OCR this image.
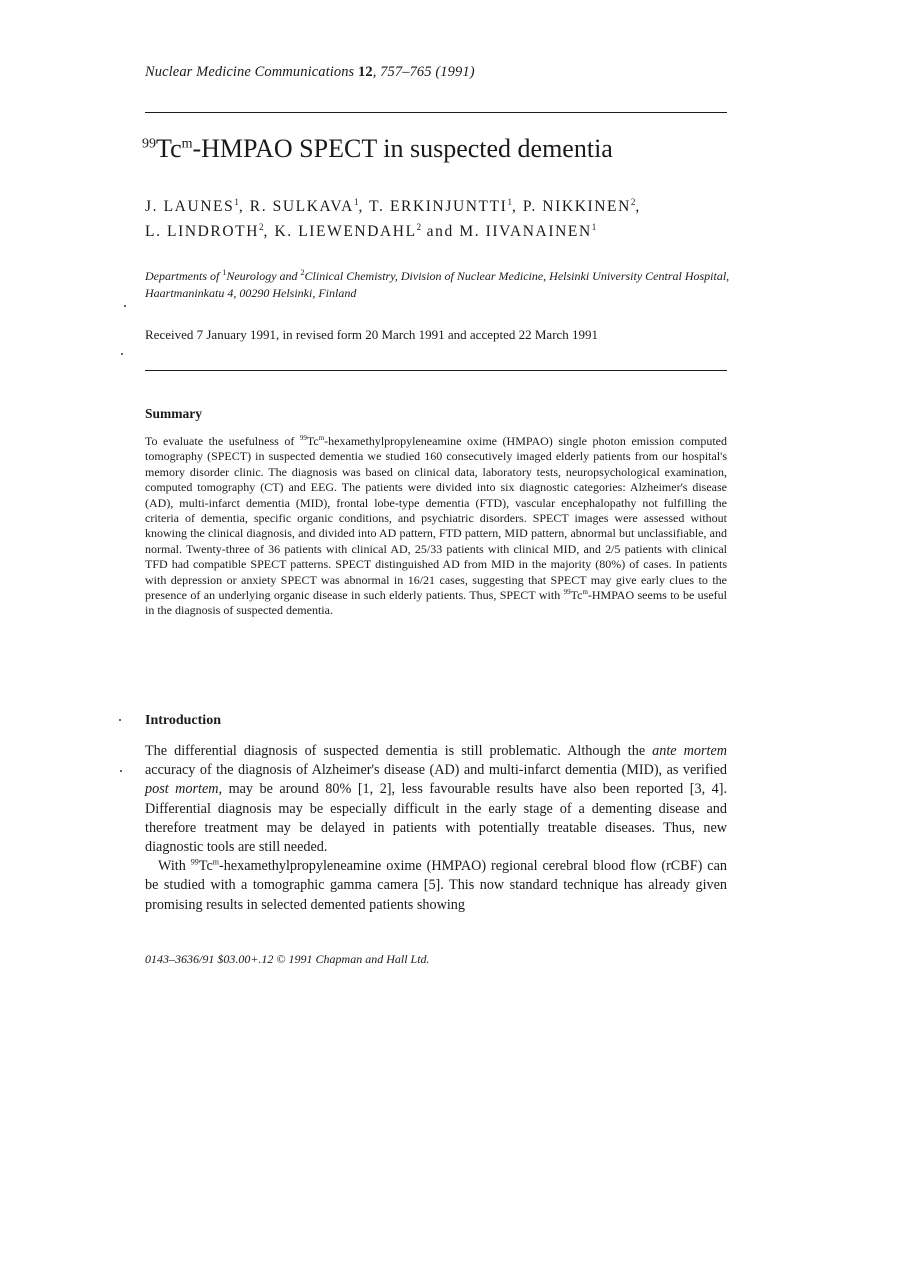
Nuclear Medicine Communications 12, 757–765 (1991)
$^{99}$Tc$^m$-HMPAO SPECT in suspected dementia
J. LAUNES$^1$, R. SULKAVA$^1$, T. ERKINJUNTTI$^1$, P. NIKKINEN$^2$,
L. LINDROTH$^2$, K. LIEWENDAHL$^2$ and M. IIVANAINEN$^1$
Departments of $^1$Neurology and $^2$Clinical Chemistry, Division of Nuclear Medicine, Helsinki University Central Hospital, Haartmaninkatu 4, 00290 Helsinki, Finland
Received 7 January 1991, in revised form 20 March 1991 and accepted 22 March 1991
Summary
To evaluate the usefulness of $^{99}$Tc$^m$-hexamethylpropyleneamine oxime (HMPAO) single photon emission computed tomography (SPECT) in suspected dementia we studied 160 consecutively imaged elderly patients from our hospital's memory disorder clinic. The diagnosis was based on clinical data, laboratory tests, neuropsychological examination, computed tomography (CT) and EEG. The patients were divided into six diagnostic categories: Alzheimer's disease (AD), multi-infarct dementia (MID), frontal lobe-type dementia (FTD), vascular encephalopathy not fulfilling the criteria of dementia, specific organic conditions, and psychiatric disorders. SPECT images were assessed without knowing the clinical diagnosis, and divided into AD pattern, FTD pattern, MID pattern, abnormal but unclassifiable, and normal. Twenty-three of 36 patients with clinical AD, 25/33 patients with clinical MID, and 2/5 patients with clinical TFD had compatible SPECT patterns. SPECT distinguished AD from MID in the majority (80%) of cases. In patients with depression or anxiety SPECT was abnormal in 16/21 cases, suggesting that SPECT may give early clues to the presence of an underlying organic disease in such elderly patients. Thus, SPECT with $^{99}$Tc$^m$-HMPAO seems to be useful in the diagnosis of suspected dementia.
Introduction

The differential diagnosis of suspected dementia is still problematic. Although the ante mortem accuracy of the diagnosis of Alzheimer's disease (AD) and multi-infarct dementia (MID), as verified post mortem, may be around 80% [1, 2], less favourable results have also been reported [3, 4]. Differential diagnosis may be especially difficult in the early stage of a dementing disease and therefore treatment may be delayed in patients with potentially treatable diseases. Thus, new diagnostic tools are still needed.

With $^{99}$Tc$^m$-hexamethylpropyleneamine oxime (HMPAO) regional cerebral blood flow (rCBF) can be studied with a tomographic gamma camera [5]. This now standard technique has already given promising results in selected demented patients showing

0143–3636/91 $03.00+.12 © 1991 Chapman and Hall Ltd.
